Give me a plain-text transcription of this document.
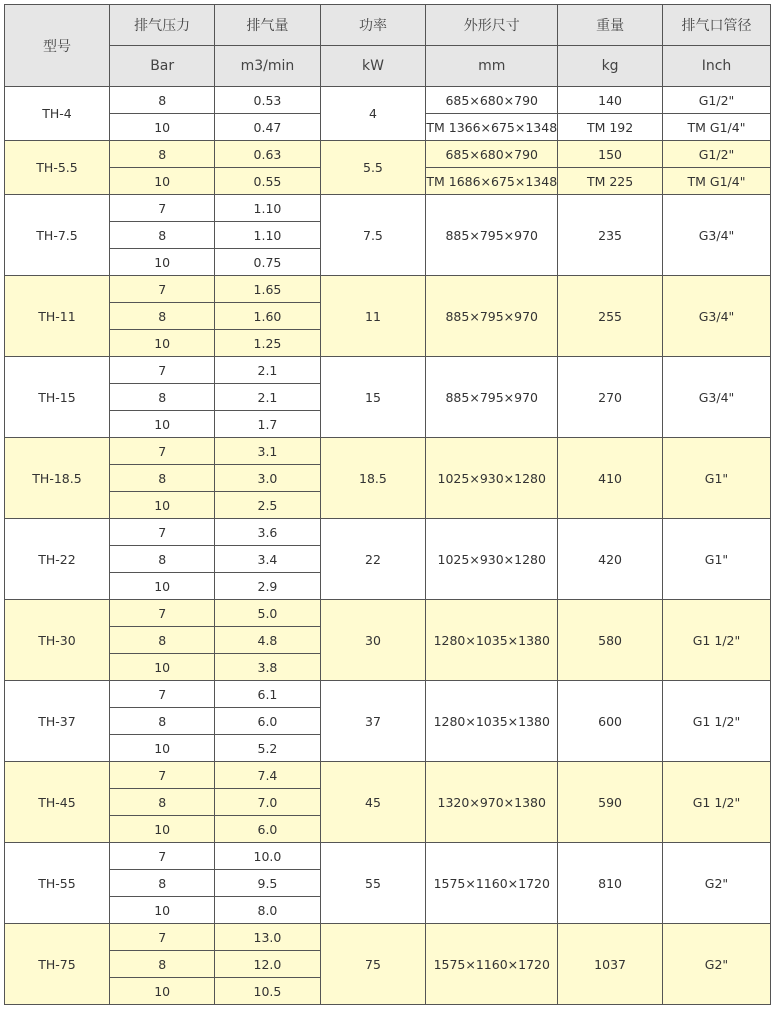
型号	排气压力	排气量	功率	外形尺寸	重量	排气口管径
	Bar	m3/min	kW	mm	kg	Inch
TH-4	8	0.53	4	685×680×790	140	G1/2"
	10	0.47		TM 1366×675×1348	TM 192	TM G1/4"
TH-5.5	8	0.63	5.5	685×680×790	150	G1/2"
	10	0.55		TM 1686×675×1348	TM 225	TM G1/4"
TH-7.5	7	1.10	7.5	885×795×970	235	G3/4"
	8	1.10				
	10	0.75				
TH-11	7	1.65	11	885×795×970	255	G3/4"
	8	1.60				
	10	1.25				
TH-15	7	2.1	15	885×795×970	270	G3/4"
	8	2.1				
	10	1.7				
TH-18.5	7	3.1	18.5	1025×930×1280	410	G1"
	8	3.0				
	10	2.5				
TH-22	7	3.6	22	1025×930×1280	420	G1"
	8	3.4				
	10	2.9				
TH-30	7	5.0	30	1280×1035×1380	580	G1 1/2"
	8	4.8				
	10	3.8				
TH-37	7	6.1	37	1280×1035×1380	600	G1 1/2"
	8	6.0				
	10	5.2				
TH-45	7	7.4	45	1320×970×1380	590	G1 1/2"
	8	7.0				
	10	6.0				
TH-55	7	10.0	55	1575×1160×1720	810	G2"
	8	9.5				
	10	8.0				
TH-75	7	13.0	75	1575×1160×1720	1037	G2"
	8	12.0				
	10	10.5				
